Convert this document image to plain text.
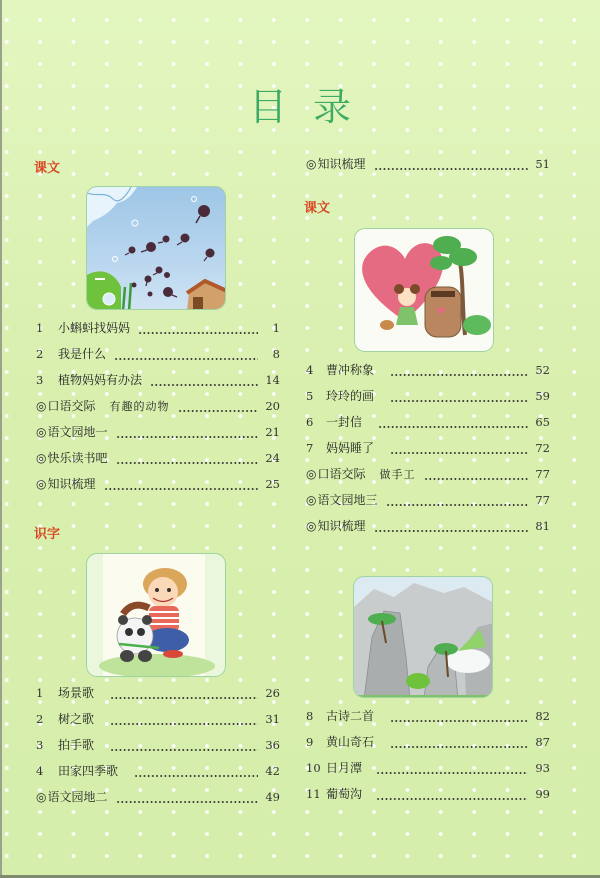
目录
课文
1	小蝌蚪找妈妈	1
2	我是什么	8
3	植物妈妈有办法	14
◎ 口语交际 有趣的动物	20
◎ 语文园地一	21
◎ 快乐读书吧	24
◎ 知识梳理	25
识字
1	场景歌	26
2	树之歌	31
3	拍手歌	36
4	田家四季歌	42
◎ 语文园地二	49
◎ 知识梳理	51
课文
4	曹冲称象	52
5	玲玲的画	59
6	一封信	65
7	妈妈睡了	72
◎ 口语交际 做手工	77
◎ 语文园地三	77
◎ 知识梳理	81
8	古诗二首	82
9	黄山奇石	87
10 日月潭	93
11 葡萄沟	99
